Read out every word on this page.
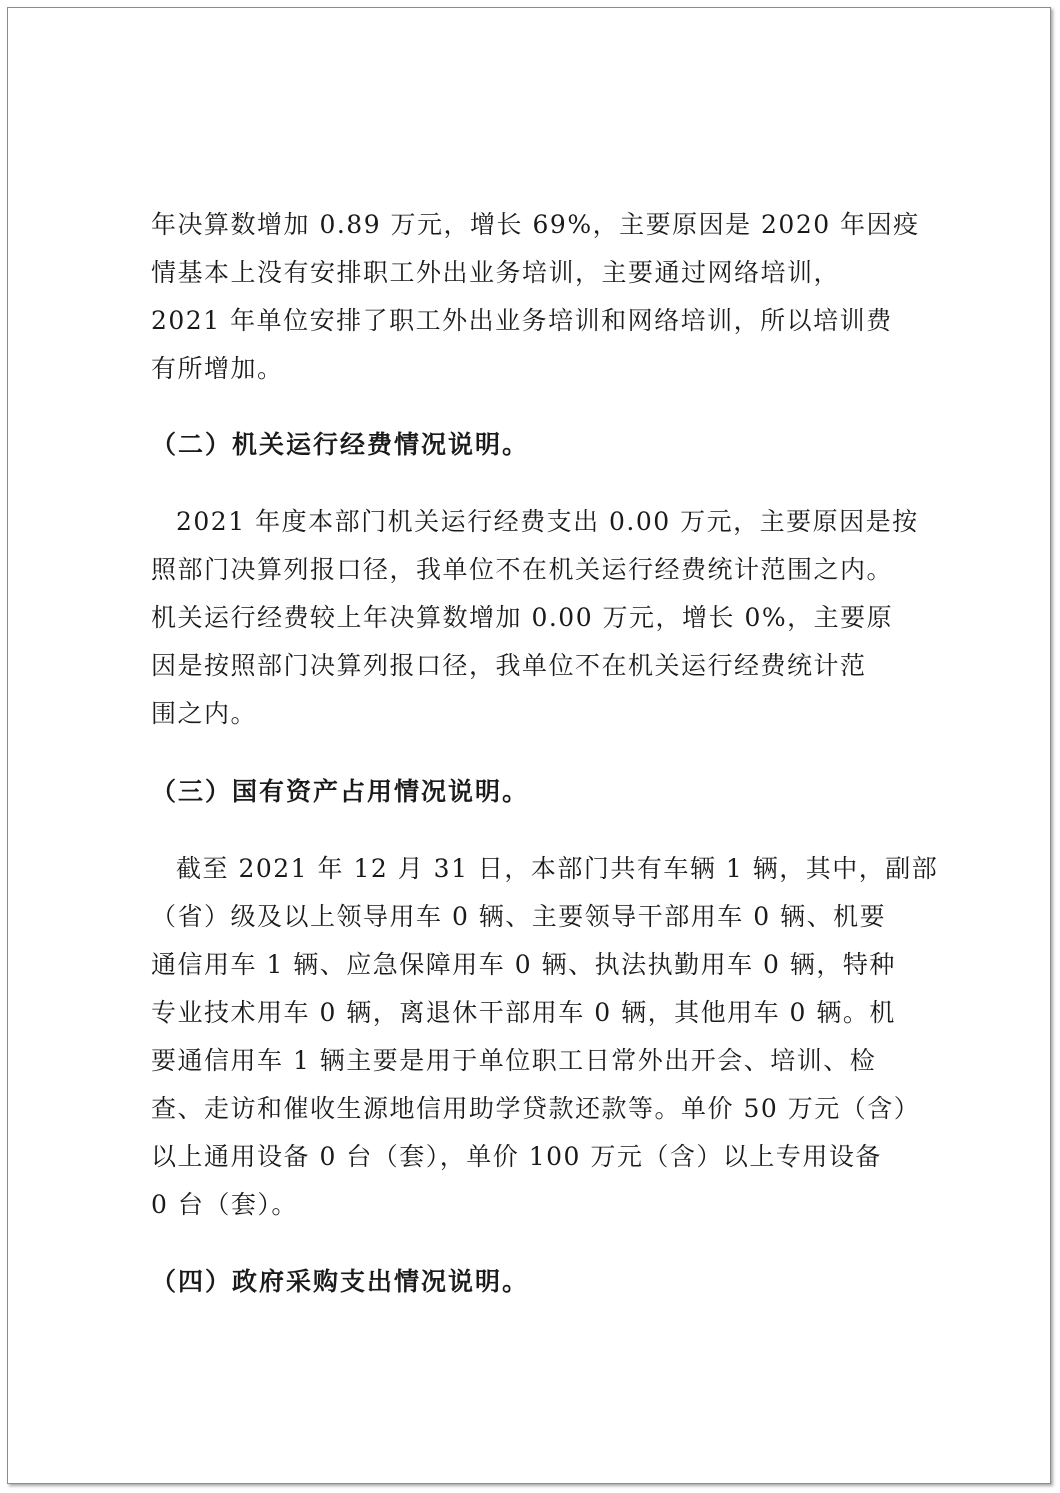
年决算数增加 0.89 万元，增长 69%，主要原因是 2020 年因疫
情基本上没有安排职工外出业务培训，主要通过网络培训，
2021 年单位安排了职工外出业务培训和网络培训，所以培训费
有所增加。
（二）机关运行经费情况说明。
2021 年度本部门机关运行经费支出 0.00 万元，主要原因是按
照部门决算列报口径，我单位不在机关运行经费统计范围之内。
机关运行经费较上年决算数增加 0.00 万元，增长 0%，主要原
因是按照部门决算列报口径，我单位不在机关运行经费统计范
围之内。
（三）国有资产占用情况说明。
截至 2021 年 12 月 31 日，本部门共有车辆 1 辆，其中，副部
（省）级及以上领导用车 0 辆、主要领导干部用车 0 辆、机要
通信用车 1 辆、应急保障用车 0 辆、执法执勤用车 0 辆，特种
专业技术用车 0 辆，离退休干部用车 0 辆，其他用车 0 辆。机
要通信用车 1 辆主要是用于单位职工日常外出开会、培训、检
查、走访和催收生源地信用助学贷款还款等。单价 50 万元（含）
以上通用设备 0 台（套），单价 100 万元（含）以上专用设备
0 台（套）。
（四）政府采购支出情况说明。
